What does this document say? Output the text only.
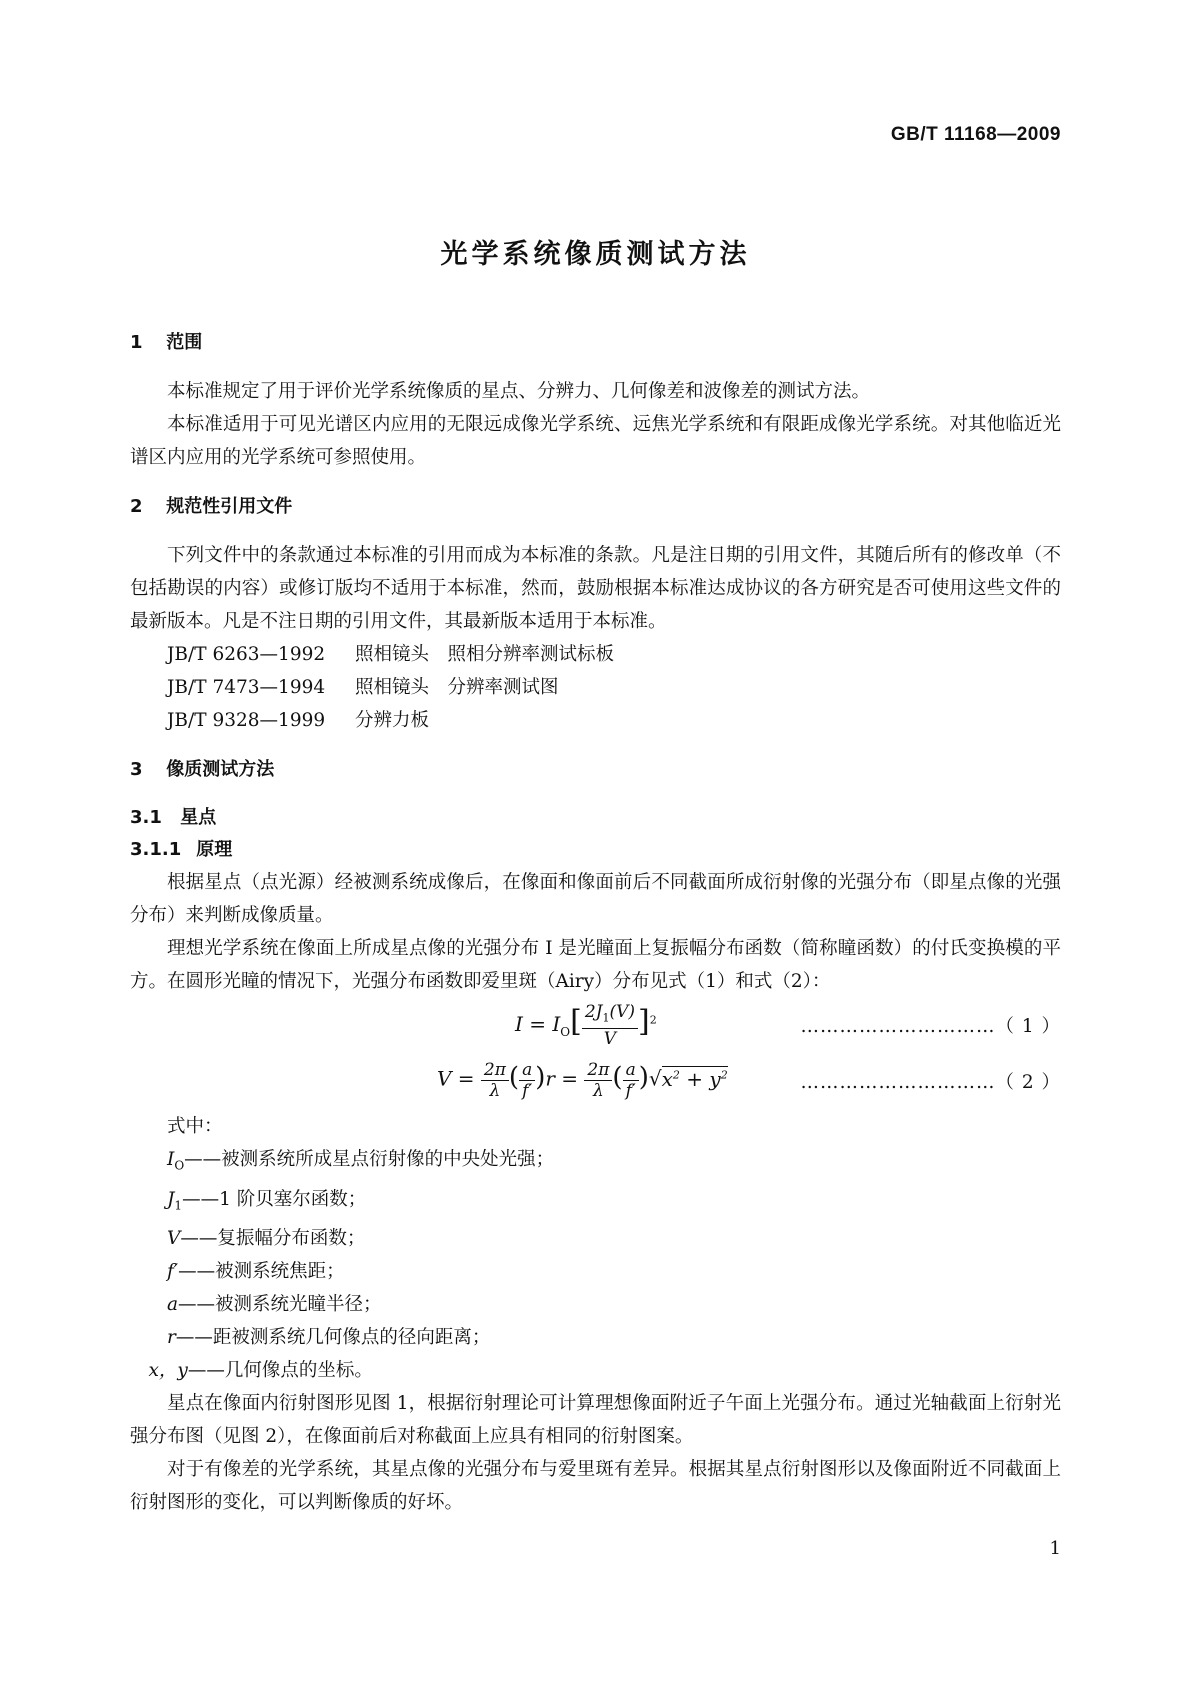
GB/T 11168—2009
光学系统像质测试方法
1 范围

本标准规定了用于评价光学系统像质的星点、分辨力、几何像差和波像差的测试方法。

本标准适用于可见光谱区内应用的无限远成像光学系统、远焦光学系统和有限距成像光学系统。对其他临近光谱区内应用的光学系统可参照使用。

2 规范性引用文件

下列文件中的条款通过本标准的引用而成为本标准的条款。凡是注日期的引用文件，其随后所有的修改单（不包括勘误的内容）或修订版均不适用于本标准，然而，鼓励根据本标准达成协议的各方研究是否可使用这些文件的最新版本。凡是不注日期的引用文件，其最新版本适用于本标准。

JB/T 6263—1992 照相镜头　照相分辨率测试标板
JB/T 7473—1994 照相镜头　分辨率测试图
JB/T 9328—1999 分辨力板
3 像质测试方法
3.1 星点
3.1.1 原理

根据星点（点光源）经被测系统成像后，在像面和像面前后不同截面所成衍射像的光强分布（即星点像的光强分布）来判断成像质量。

理想光学系统在像面上所成星点像的光强分布 I 是光瞳面上复振幅分布函数（简称瞳函数）的付氏变换模的平方。在圆形光瞳的情况下，光强分布函数即爱里斑（Airy）分布见式（1）和式（2）：

$I = I_O[ \frac{2J_1(V)}{V} ]^2$	…………………………（ 1 ）
$V = \frac{2\pi}{\lambda}$ ( $\frac{a}{f'} )r = \frac{2\pi}{\lambda}$ ( $\frac{a}{f'} )√x^2 + y^2$	…………………………（ 2 ）

式中：

$I_O——$被测系统所成星点衍射像的中央处光强；
$J_1——1$ 阶贝塞尔函数；
V——复振幅分布函数；
f′——被测系统焦距；
a——被测系统光瞳半径；
r——距被测系统几何像点的径向距离；
x，y——几何像点的坐标。

星点在像面内衍射图形见图 1，根据衍射理论可计算理想像面附近子午面上光强分布。通过光轴截面上衍射光强分布图（见图 2），在像面前后对称截面上应具有相同的衍射图案。

对于有像差的光学系统，其星点像的光强分布与爱里斑有差异。根据其星点衍射图形以及像面附近不同截面上衍射图形的变化，可以判断像质的好坏。

1
